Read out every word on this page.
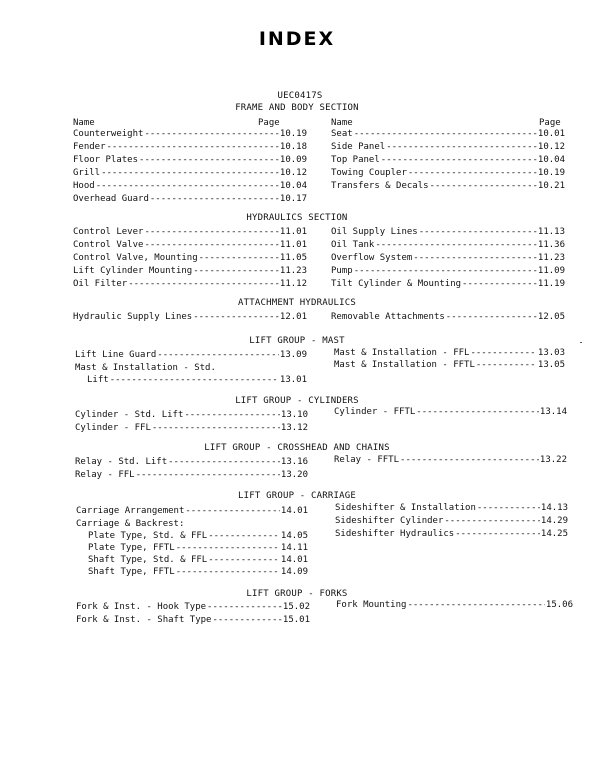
INDEX
UEC0417S
FRAME AND BODY SECTION
Name	Page	Name	Page
Counterweight -----	10.19
Fender -----	10.18
Floor Plates -----	10.09
Grill -----	10.12
Hood -----	10.04
Overhead Guard -----	10.17
Seat -----	10.01
Side Panel -----	10.12
Top Panel -----	10.04
Towing Coupler -----	10.19
Transfers & Decals -----	10.21
HYDRAULICS SECTION
Control Lever -----	11.01
Control Valve -----	11.01
Control Valve, Mounting -----	11.05
Lift Cylinder Mounting -----	11.23
Oil Filter -----	11.12
Oil Supply Lines -----	11.13
Oil Tank -----	11.36
Overflow System -----	11.23
Pump -----	11.09
Tilt Cylinder & Mounting -----	11.19
ATTACHMENT HYDRAULICS
Hydraulic Supply Lines -----	12.01	Removable Attachments -----	12.05
LIFT GROUP - MAST
Lift Line Guard -----	13.09
Mast & Installation - Std.
Lift -----	13.01
Mast & Installation - FFL -----	13.03
Mast & Installation - FFTL -----	13.05
LIFT GROUP - CYLINDERS
Cylinder - Std. Lift -----	13.10
Cylinder - FFL -----	13.12
Cylinder - FFTL -----	13.14
LIFT GROUP - CROSSHEAD AND CHAINS
Relay - Std. Lift -----	13.16
Relay - FFL -----	13.20
Relay - FFTL -----	13.22
LIFT GROUP - CARRIAGE
Carriage Arrangement -----	14.01
Carriage & Backrest:
Plate Type, Std. & FFL -----	14.05
Plate Type, FFTL -----	14.11
Shaft Type, Std. & FFL -----	14.01
Shaft Type, FFTL -----	14.09
Sideshifter & Installation -----	14.13
Sideshifter Cylinder -----	14.29
Sideshifter Hydraulics -----	14.25
LIFT GROUP - FORKS
Fork & Inst. - Hook Type -----	15.02
Fork & Inst. - Shaft Type -----	15.01
Fork Mounting -----	15.06
